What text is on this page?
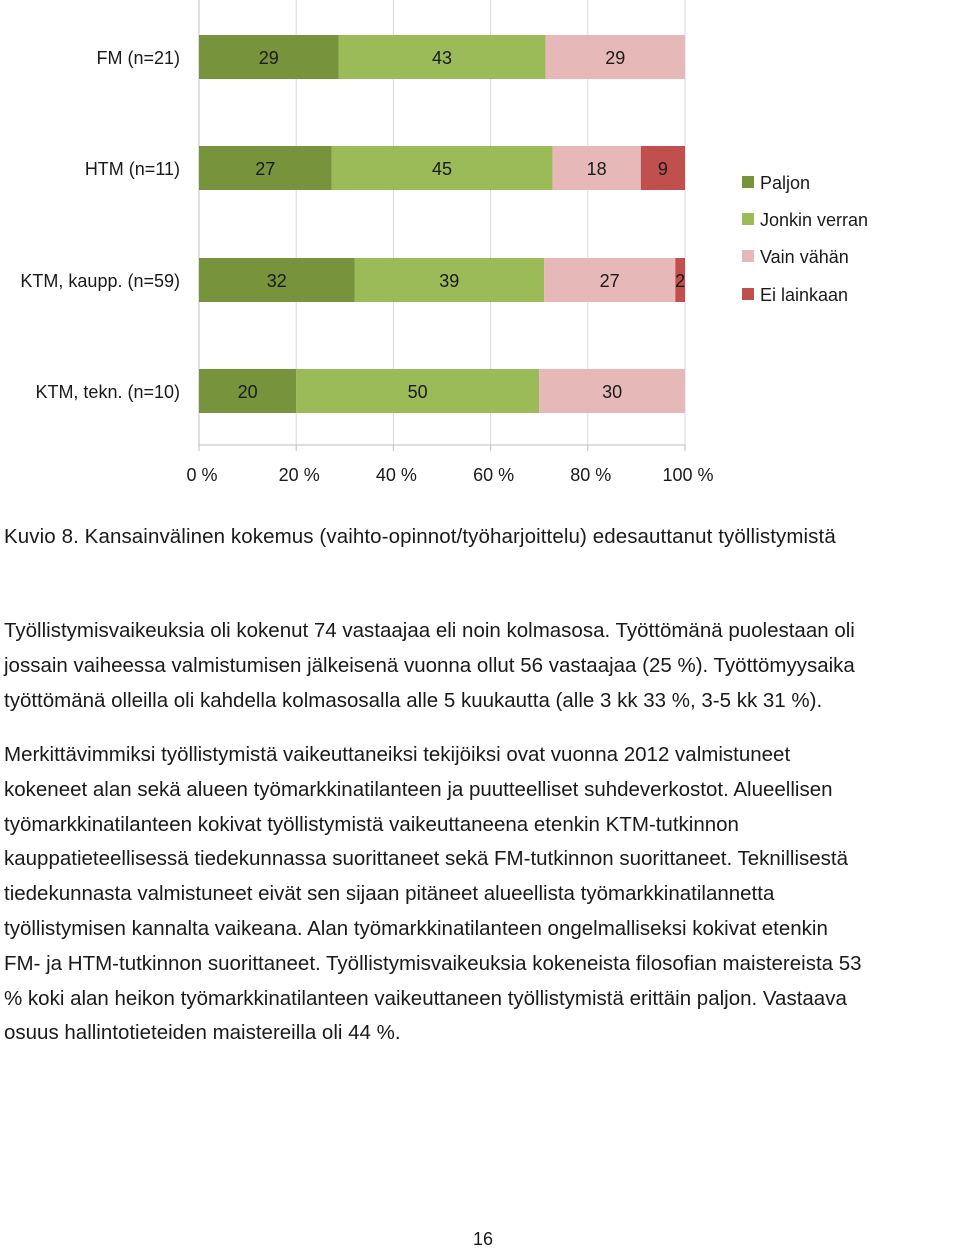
29	43	29
27	45	18	9
32	39	27	2
20	50	30
FM (n=21)
HTM (n=11)
KTM, kaupp. (n=59)
KTM, tekn. (n=10)
0 %	20 %	40 %	60 %	80 %	100 %
Paljon
Jonkin verran
Vain vähän
Ei lainkaan
Kuvio 8. Kansainvälinen kokemus (vaihto-opinnot/työharjoittelu) edesauttanut työllistymistä
Työllistymisvaikeuksia oli kokenut 74 vastaajaa eli noin kolmasosa. Työttömänä puolestaan oli
jossain vaiheessa valmistumisen jälkeisenä vuonna ollut 56 vastaajaa (25 %). Työttömyysaika
työttömänä olleilla oli kahdella kolmasosalla alle 5 kuukautta (alle 3 kk 33 %, 3-5 kk 31 %).
Merkittävimmiksi työllistymistä vaikeuttaneiksi tekijöiksi ovat vuonna 2012 valmistuneet
kokeneet alan sekä alueen työmarkkinatilanteen ja puutteelliset suhdeverkostot. Alueellisen
työmarkkinatilanteen kokivat työllistymistä vaikeuttaneena etenkin KTM-tutkinnon
kauppatieteellisessä tiedekunnassa suorittaneet sekä FM-tutkinnon suorittaneet. Teknillisestä
tiedekunnasta valmistuneet eivät sen sijaan pitäneet alueellista työmarkkinatilannetta
työllistymisen kannalta vaikeana. Alan työmarkkinatilanteen ongelmalliseksi kokivat etenkin
FM- ja HTM-tutkinnon suorittaneet. Työllistymisvaikeuksia kokeneista filosofian maistereista 53
% koki alan heikon työmarkkinatilanteen vaikeuttaneen työllistymistä erittäin paljon. Vastaava
osuus hallintotieteiden maistereilla oli 44 %.
16
